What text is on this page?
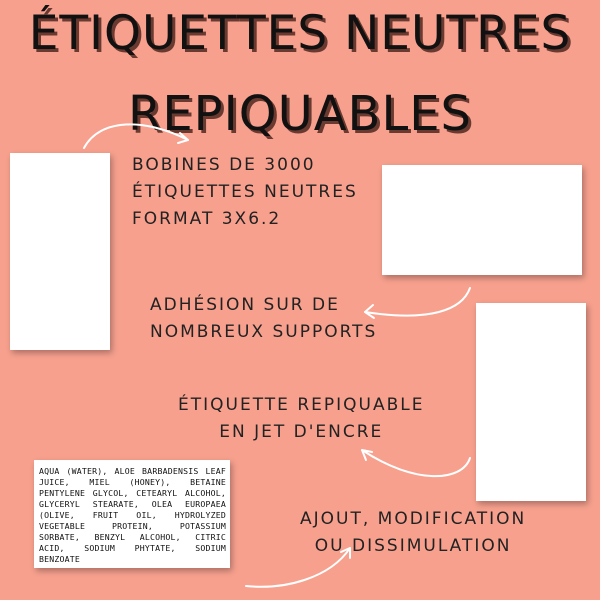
ÉTIQUETTES NEUTRES
REPIQUABLES
BOBINES DE 3000
ÉTIQUETTES NEUTRES
FORMAT 3X6.2
ADHÉSION SUR DE
NOMBREUX SUPPORTS
ÉTIQUETTE REPIQUABLE
EN JET D'ENCRE
AJOUT, MODIFICATION
OU DISSIMULATION
AQUA (WATER), ALOE BARBADENSIS LEAF JUICE, MIEL (HONEY), BETAINE PENTYLENE GLYCOL, CETEARYL ALCOHOL, GLYCERYL STEARATE, OLEA EUROPAEA (OLIVE, FRUIT OIL, HYDROLYZED VEGETABLE PROTEIN, POTASSIUM SORBATE, BENZYL ALCOHOL, CITRIC ACID, SODIUM PHYTATE, SODIUM BENZOATE
